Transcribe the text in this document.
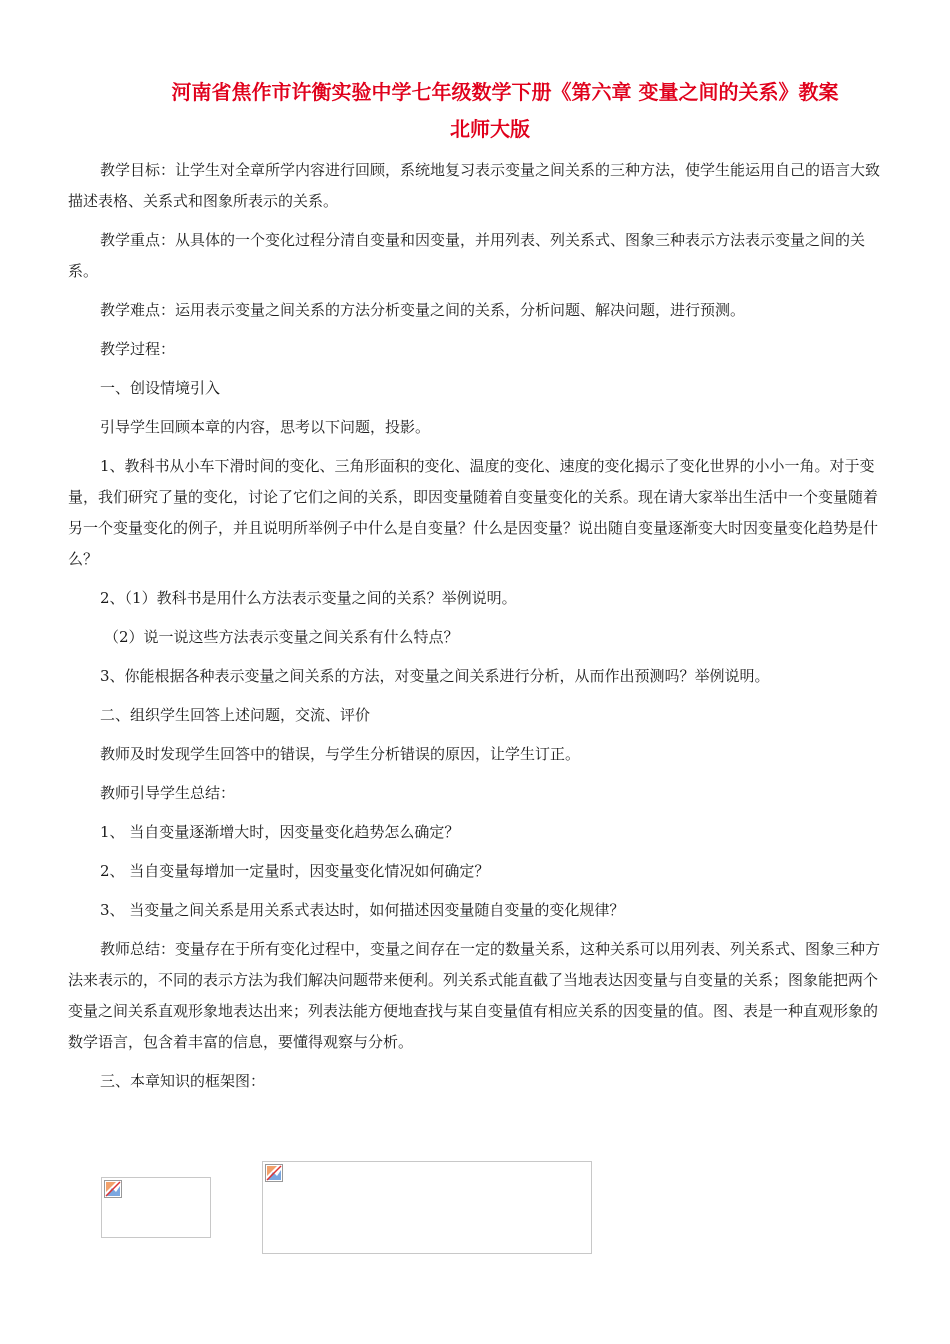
河南省焦作市许衡实验中学七年级数学下册《第六章 变量之间的关系》教案
北师大版

教学目标：让学生对全章所学内容进行回顾，系统地复习表示变量之间关系的三种方法，使学生能运用自己的语言大致描述表格、关系式和图象所表示的关系。

教学重点：从具体的一个变化过程分清自变量和因变量，并用列表、列关系式、图象三种表示方法表示变量之间的关系。

教学难点：运用表示变量之间关系的方法分析变量之间的关系，分析问题、解决问题，进行预测。

教学过程：

一、创设情境引入

引导学生回顾本章的内容，思考以下问题，投影。

1、教科书从小车下滑时间的变化、三角形面积的变化、温度的变化、速度的变化揭示了变化世界的小小一角。对于变量，我们研究了量的变化，讨论了它们之间的关系，即因变量随着自变量变化的关系。现在请大家举出生活中一个变量随着另一个变量变化的例子，并且说明所举例子中什么是自变量？什么是因变量？说出随自变量逐渐变大时因变量变化趋势是什么？

2、（1）教科书是用什么方法表示变量之间的关系？举例说明。

（2）说一说这些方法表示变量之间关系有什么特点？

3、你能根据各种表示变量之间关系的方法，对变量之间关系进行分析，从而作出预测吗？举例说明。

二、组织学生回答上述问题，交流、评价

教师及时发现学生回答中的错误，与学生分析错误的原因，让学生订正。

教师引导学生总结：

1、 当自变量逐渐增大时，因变量变化趋势怎么确定？

2、 当自变量每增加一定量时，因变量变化情况如何确定？

3、 当变量之间关系是用关系式表达时，如何描述因变量随自变量的变化规律？

教师总结：变量存在于所有变化过程中，变量之间存在一定的数量关系，这种关系可以用列表、列关系式、图象三种方法来表示的，不同的表示方法为我们解决问题带来便利。列关系式能直截了当地表达因变量与自变量的关系；图象能把两个变量之间关系直观形象地表达出来；列表法能方便地查找与某自变量值有相应关系的因变量的值。图、表是一种直观形象的数学语言，包含着丰富的信息，要懂得观察与分析。

三、本章知识的框架图：
